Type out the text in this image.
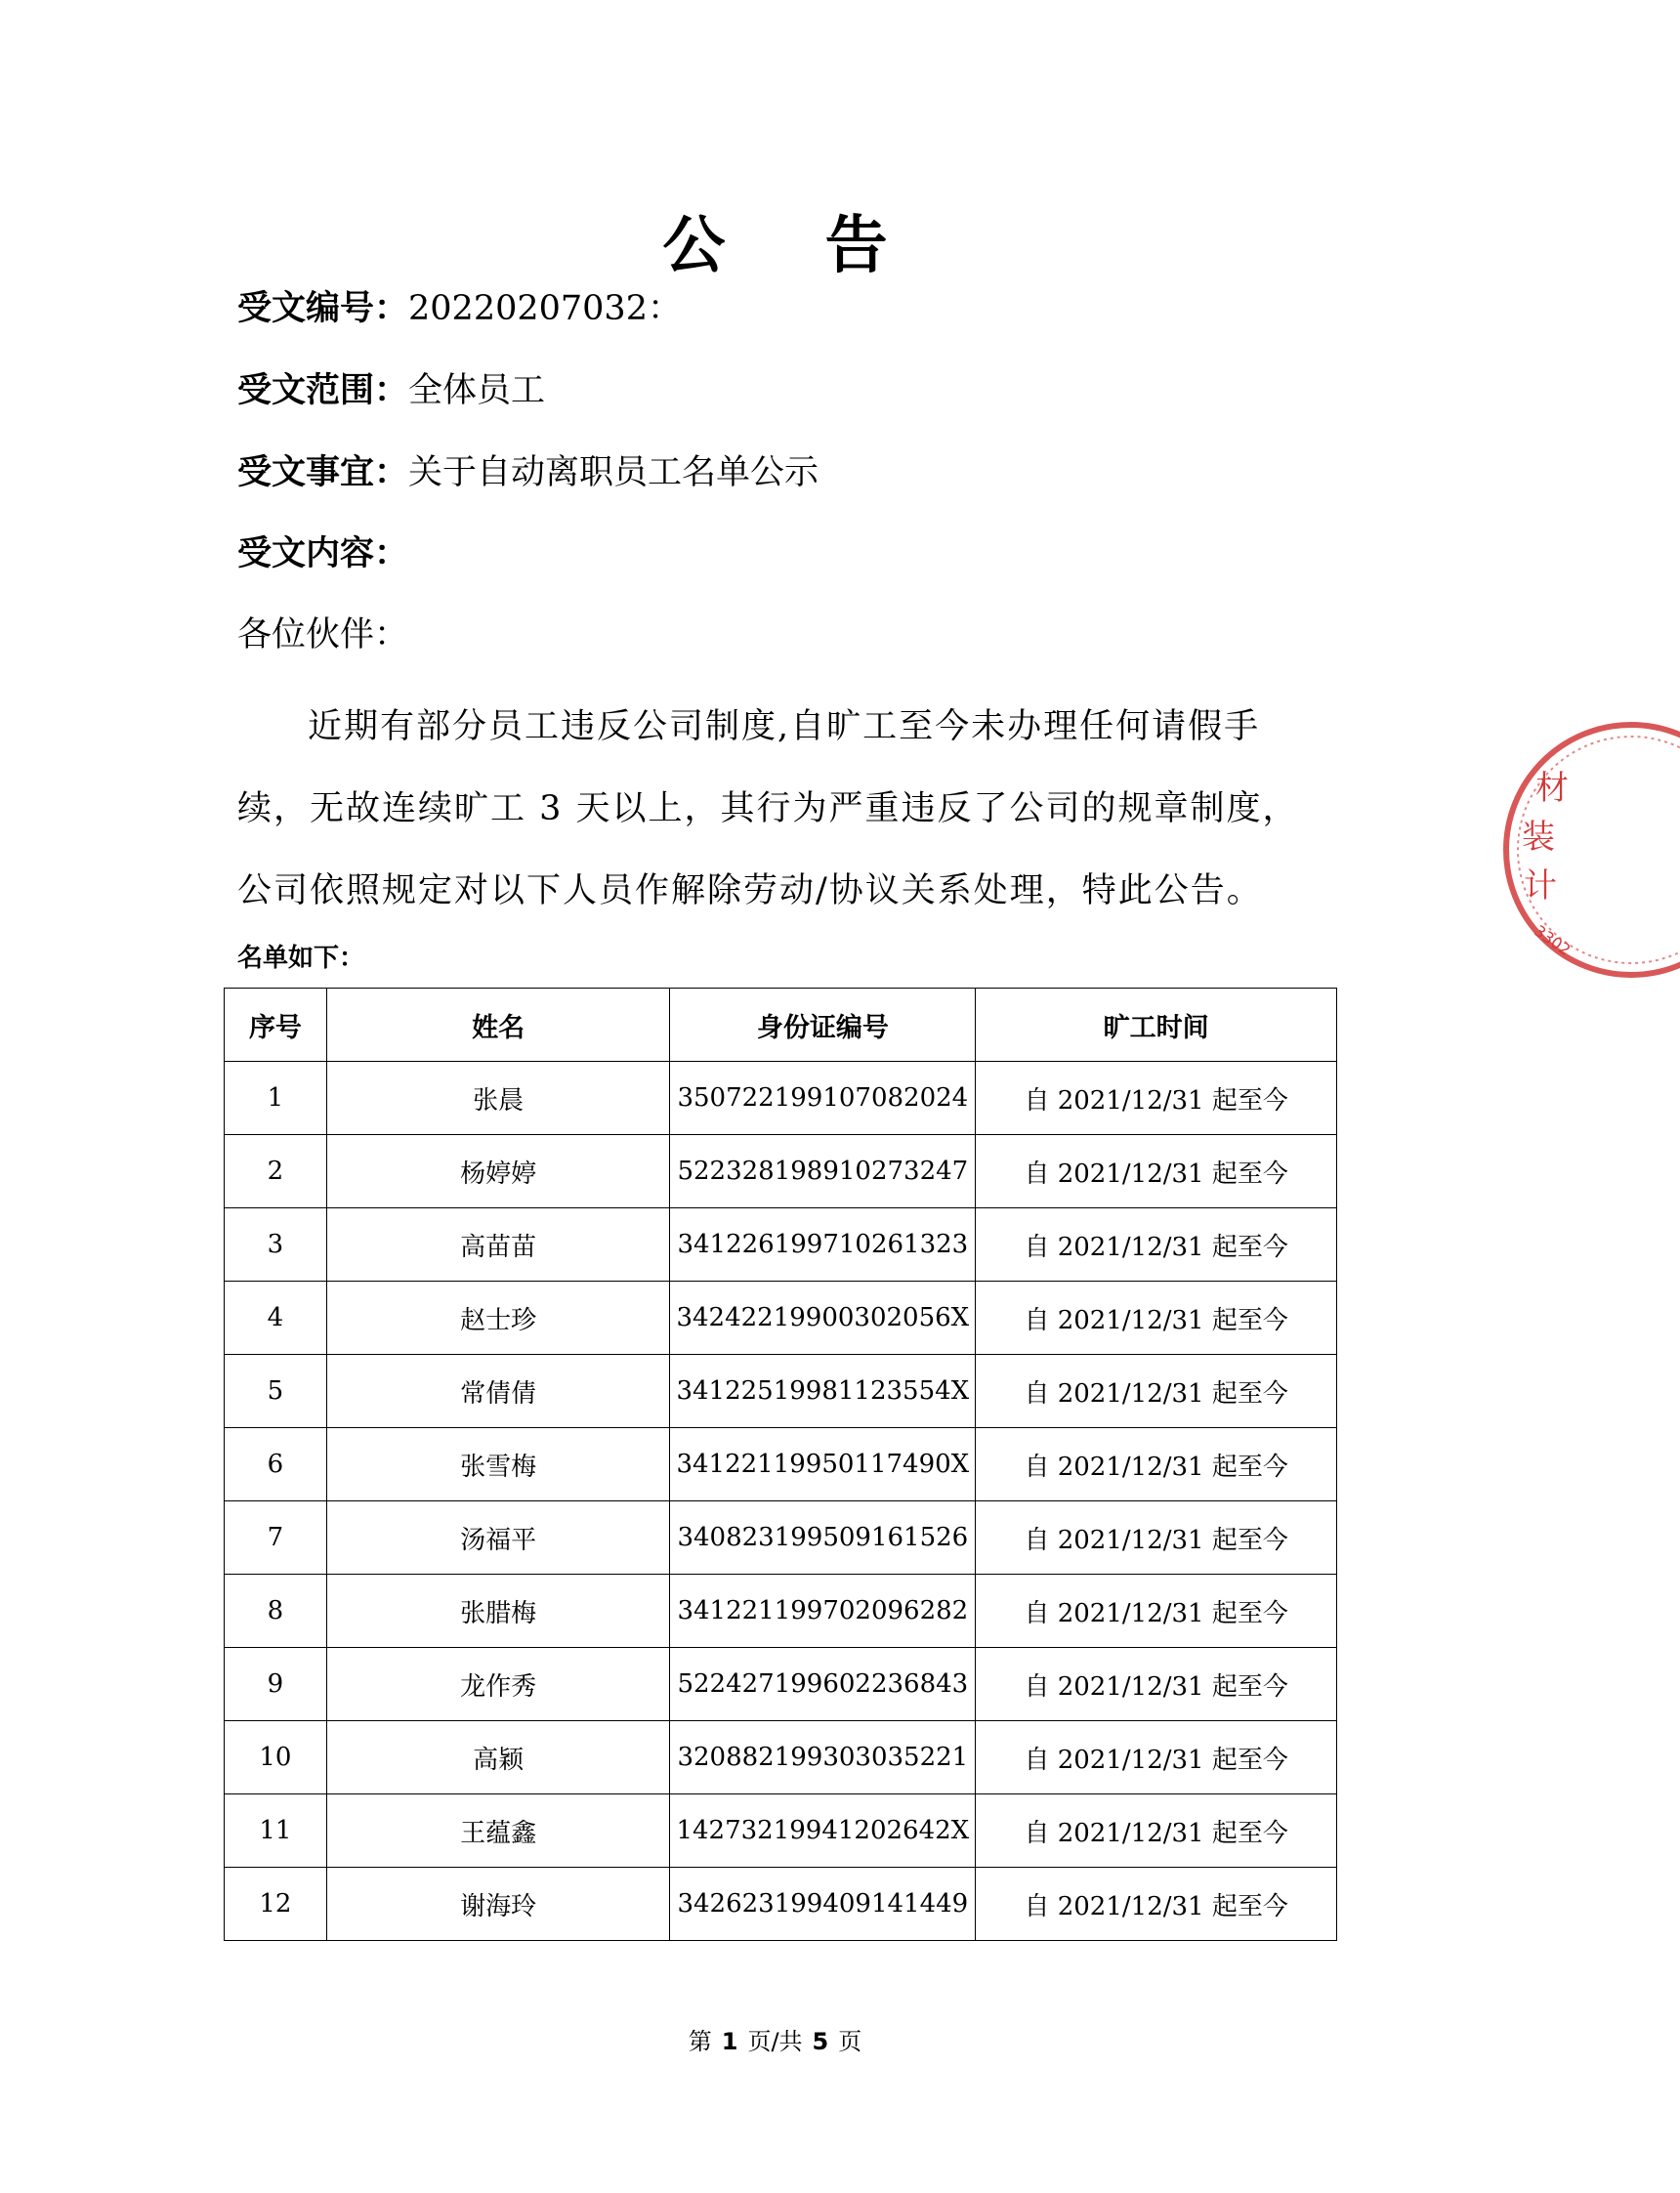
公 告
受文编号：20220207032：
受文范围：全体员工
受文事宜：关于自动离职员工名单公示
受文内容：
各位伙伴：
近期有部分员工违反公司制度,自旷工至今未办理任何请假手续，无故连续旷工 3 天以上，其行为严重违反了公司的规章制度，公司依照规定对以下人员作解除劳动/协议关系处理，特此公告。
名单如下：
序号	姓名	身份证编号	旷工时间
1	张晨	350722199107082024	自 2021/12/31 起至今
2	杨婷婷	522328198910273247	自 2021/12/31 起至今
3	高苗苗	341226199710261323	自 2021/12/31 起至今
4	赵士珍	34242219900302056X	自 2021/12/31 起至今
5	常倩倩	34122519981123554X	自 2021/12/31 起至今
6	张雪梅	34122119950117490X	自 2021/12/31 起至今
7	汤福平	340823199509161526	自 2021/12/31 起至今
8	张腊梅	341221199702096282	自 2021/12/31 起至今
9	龙作秀	522427199602236843	自 2021/12/31 起至今
10	高颖	320882199303035221	自 2021/12/31 起至今
11	王蕴鑫	14273219941202642X	自 2021/12/31 起至今
12	谢海玲	342623199409141449	自 2021/12/31 起至今
第 1 页/共 5 页
材
装
计
3302
